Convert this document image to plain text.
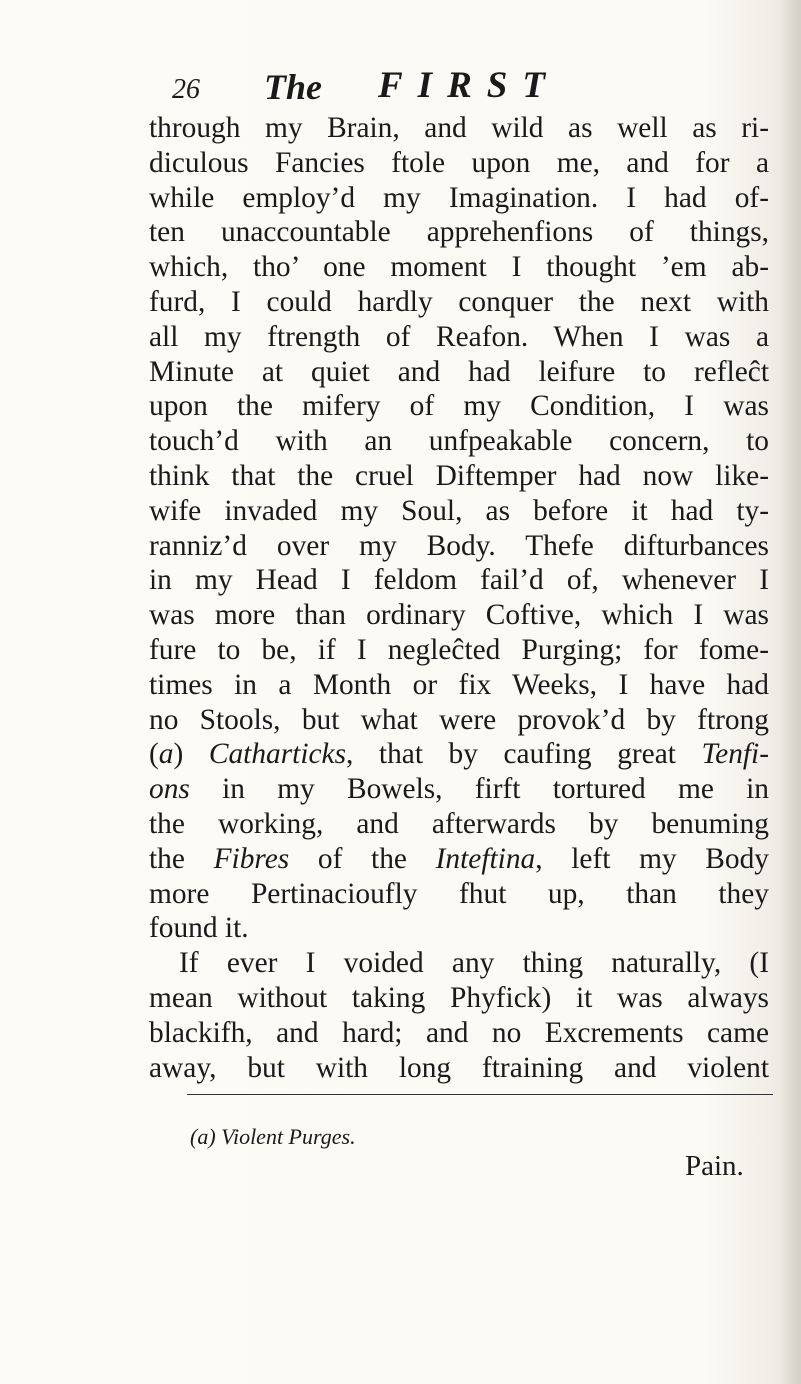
26 The FIRST
through my Brain, and wild as well as ri-
diculous Fancies ftole upon me, and for a
while employ’d my Imagination. I had of-
ten unaccountable apprehenfions of things,
which, tho’ one moment I thought ’em ab-
furd, I could hardly conquer the next with
all my ftrength of Reafon. When I was a
Minute at quiet and had leifure to refleĉt
upon the mifery of my Condition, I was
touch’d with an unfpeakable concern, to
think that the cruel Diftemper had now like-
wife invaded my Soul, as before it had ty-
ranniz’d over my Body. Thefe difturbances
in my Head I feldom fail’d of, whenever I
was more than ordinary Coftive, which I was
fure to be, if I negleĉted Purging; for fome-
times in a Month or fix Weeks, I have had
no Stools, but what were provok’d by ftrong
(a) Catharticks, that by caufing great Tenfi-
ons in my Bowels, firft tortured me in
the working, and afterwards by benuming
the Fibres of the Inteftina, left my Body
more Pertinacioufly fhut up, than they
found it.
If ever I voided any thing naturally, (I
mean without taking Phyfick) it was always
blackifh, and hard; and no Excrements came
away, but with long ftraining and violent
(a) Violent Purges.
Pain.
